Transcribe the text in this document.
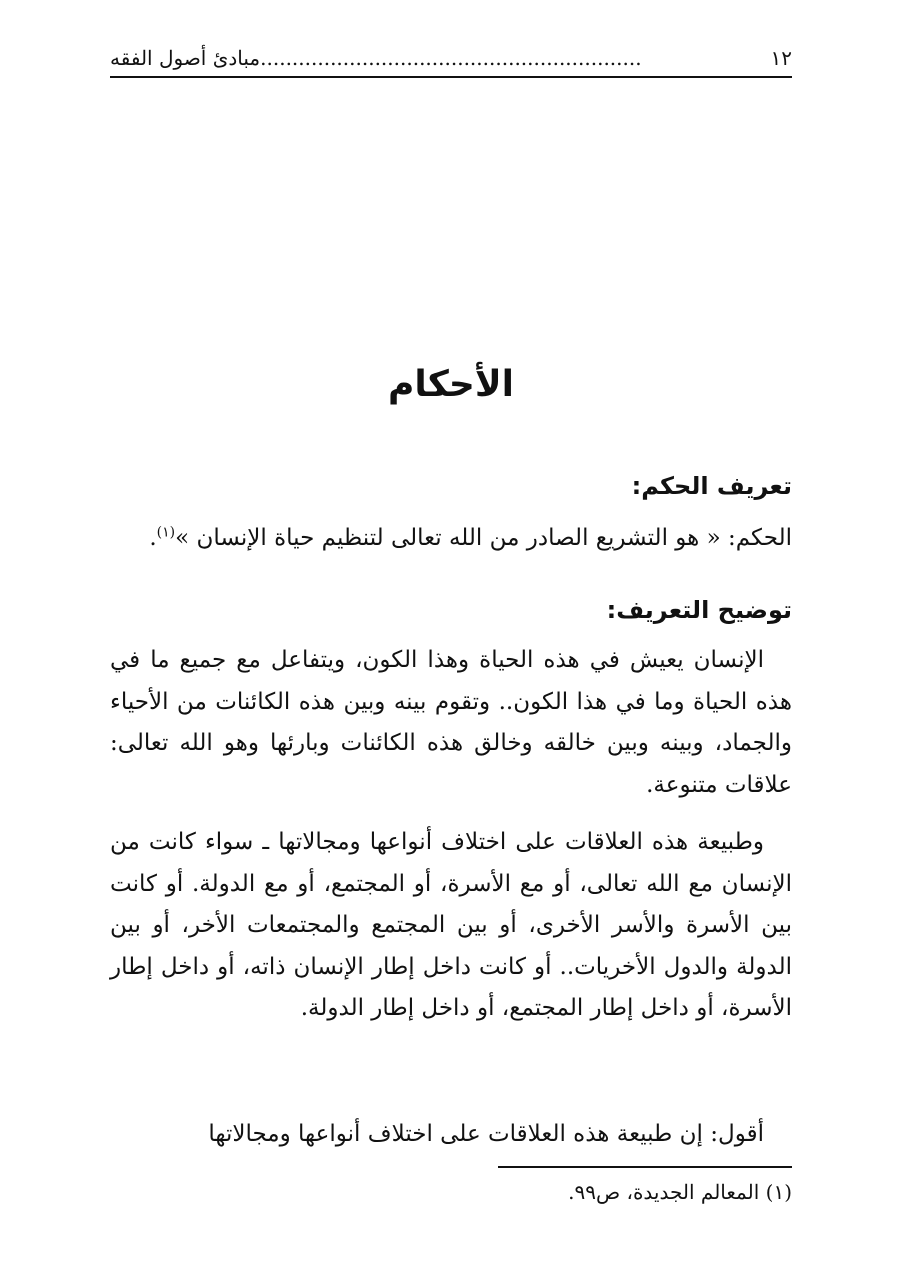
١٢
............................................................مبادئ أصول الفقه
الأحكام
تعريف الحكم:

الحكم: « هو التشريع الصادر من الله تعالى لتنظيم حياة الإنسان »$^{(١)}$.

توضيح التعريف:

الإنسان يعيش في هذه الحياة وهذا الكون، ويتفاعل مع جميع ما في هذه الحياة وما في هذا الكون.. وتقوم بينه وبين هذه الكائنات من الأحياء والجماد، وبينه وبين خالقه وخالق هذه الكائنات وبارئها وهو الله تعالى: علاقات متنوعة.

وطبيعة هذه العلاقات على اختلاف أنواعها ومجالاتها ـ سواء كانت من الإنسان مع الله تعالى، أو مع الأسرة، أو المجتمع، أو مع الدولة. أو كانت بين الأسرة والأسر الأخرى، أو بين المجتمع والمجتمعات الأخر، أو بين الدولة والدول الأخريات.. أو كانت داخل إطار الإنسان ذاته، أو داخل إطار الأسرة، أو داخل إطار المجتمع، أو داخل إطار الدولة.

أقول: إن طبيعة هذه العلاقات على اختلاف أنواعها ومجالاتها

(١) المعالم الجديدة، ص٩٩.
